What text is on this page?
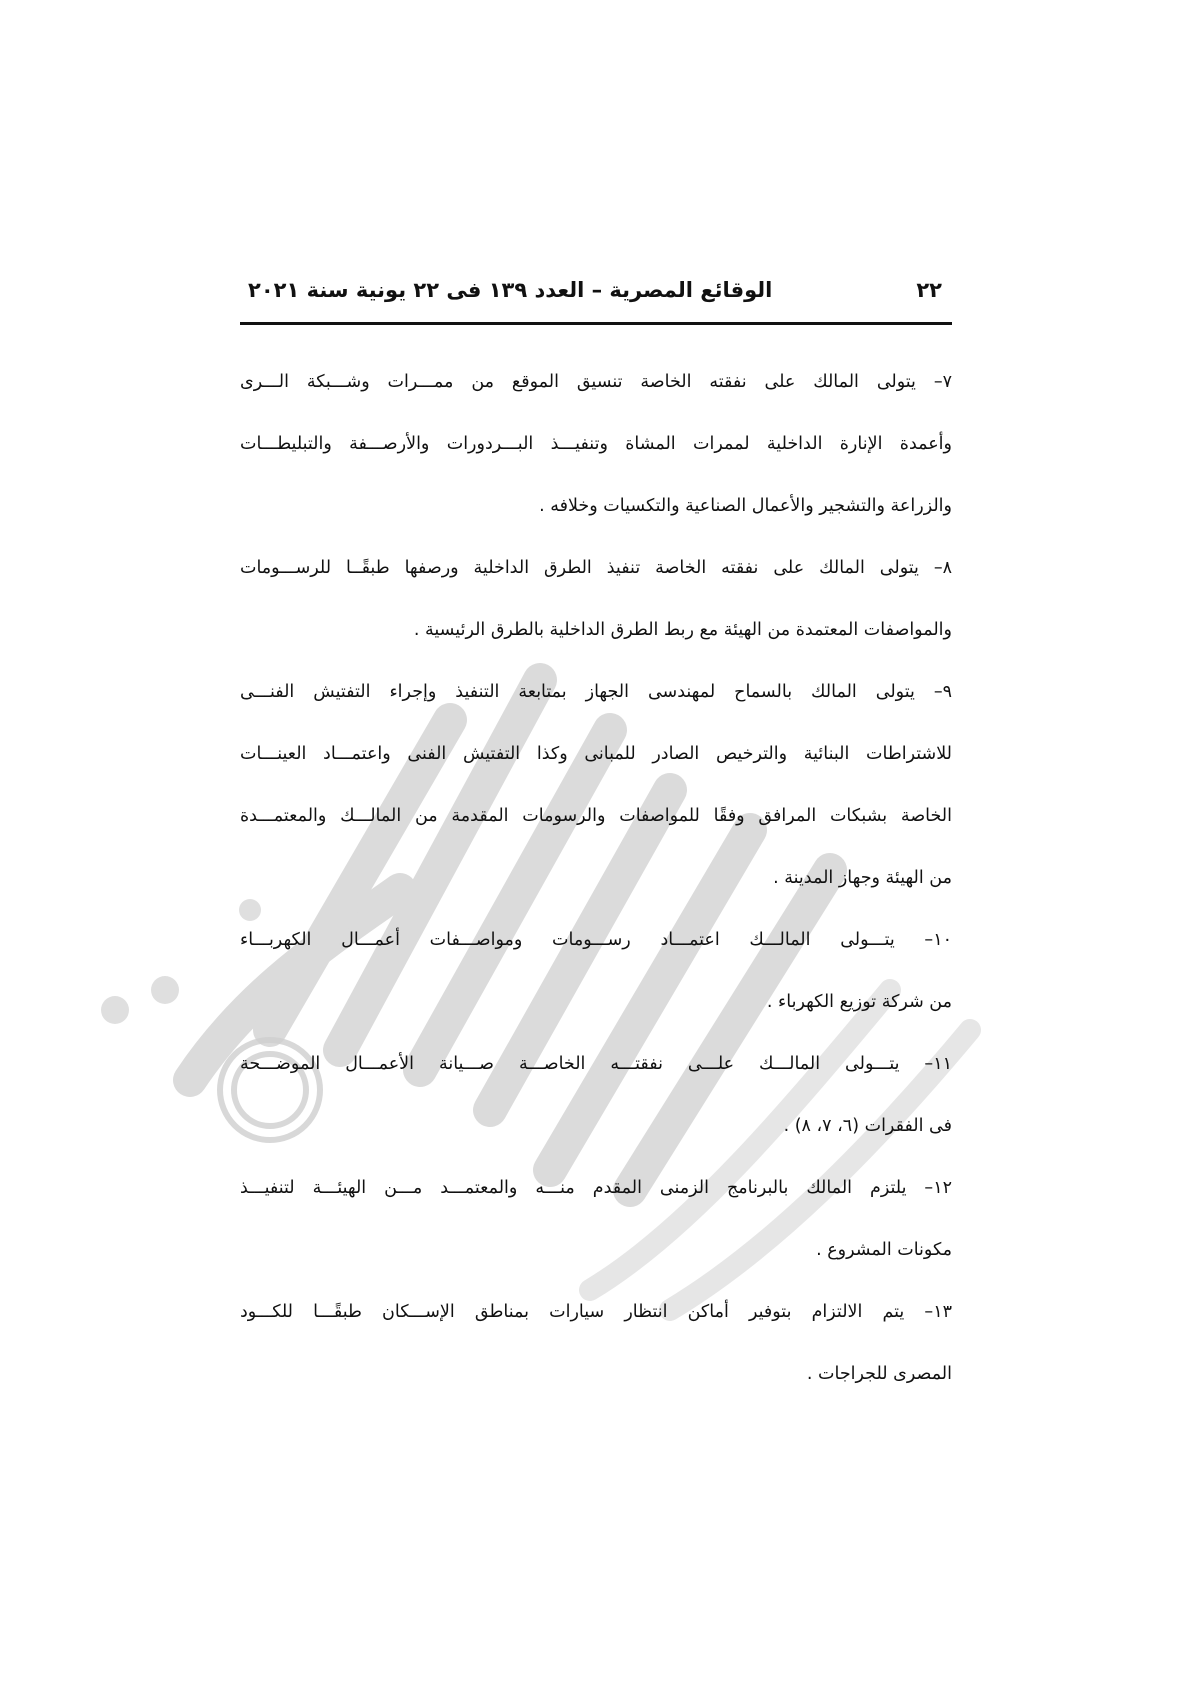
٢٢
الوقائع المصرية – العدد ١٣٩ فى ٢٢ يونية سنة ٢٠٢١
٧– يتولى المالك على نفقته الخاصة تنسيق الموقع من ممـــرات وشـــبكة الـــرى
وأعمدة الإنارة الداخلية لممرات المشاة وتنفيـــذ البـــردورات والأرصـــفة والتبليطـــات
والزراعة والتشجير والأعمال الصناعية والتكسيات وخلافه .
٨– يتولى المالك على نفقته الخاصة تنفيذ الطرق الداخلية ورصفها طبقًــا للرســـومات
والمواصفات المعتمدة من الهيئة مع ربط الطرق الداخلية بالطرق الرئيسية .
٩– يتولى المالك بالسماح لمهندسى الجهاز بمتابعة التنفيذ وإجراء التفتيش الفنـــى
للاشتراطات البنائية والترخيص الصادر للمبانى وكذا التفتيش الفنى واعتمـــاد العينـــات
الخاصة بشبكات المرافق وفقًا للمواصفات والرسومات المقدمة من المالـــك والمعتمـــدة
من الهيئة وجهاز المدينة .
١٠– يتـــولى المالـــك اعتمـــاد رســـومات ومواصـــفات أعمـــال الكهربـــاء
من شركة توزيع الكهرباء .
١١– يتـــولى المالـــك علـــى نفقتـــه الخاصـــة صـــيانة الأعمـــال الموضـــحة
فى الفقرات (٦، ٧، ٨) .
١٢– يلتزم المالك بالبرنامج الزمنى المقدم منـــه والمعتمـــد مـــن الهيئـــة لتنفيـــذ
مكونات المشروع .
١٣– يتم الالتزام بتوفير أماكن انتظار سيارات بمناطق الإســـكان طبقًـــا للكـــود
المصرى للجراجات .
